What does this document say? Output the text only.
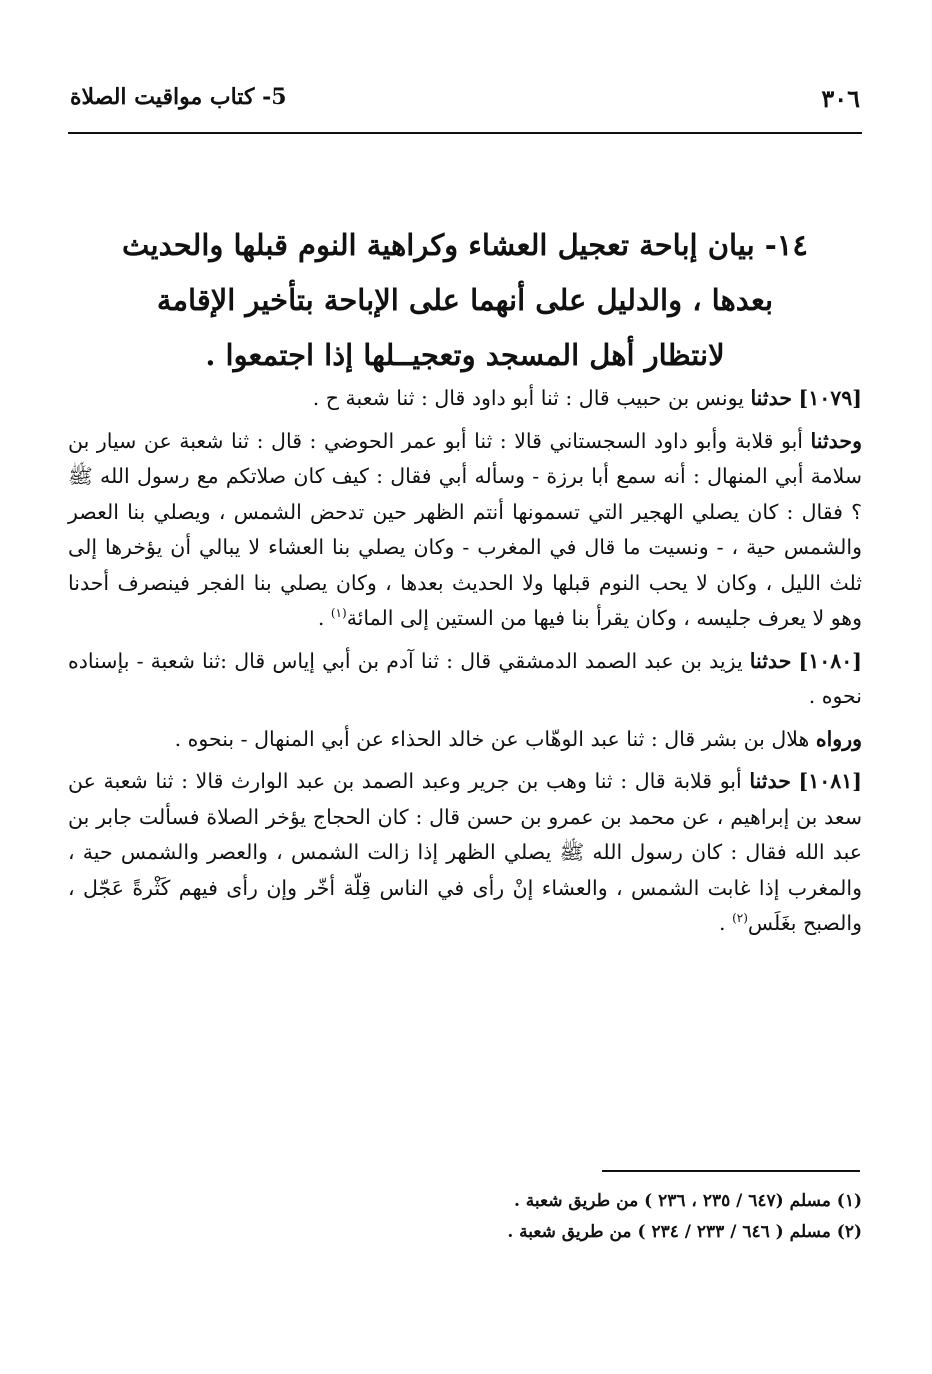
٣٠٦
5- كتاب مواقيت الصلاة
١٤- بيان إباحة تعجيل العشاء وكراهية النوم قبلها والحديث
بعدها ، والدليل على أنهما على الإباحة بتأخير الإقامة
لانتظار أهل المسجد وتعجيــلها إذا اجتمعوا .

[١٠٧٩] حدثنا يونس بن حبيب قال : ثنا أبو داود قال : ثنا شعبة ح .

وحدثنا أبو قلابة وأبو داود السجستاني قالا : ثنا أبو عمر الحوضي : قال : ثنا شعبة عن سيار بن سلامة أبي المنهال : أنه سمع أبا برزة - وسأله أبي فقال : كيف كان صلاتكم مع رسول الله ﷺ ؟ فقال : كان يصلي الهجير التي تسمونها أنتم الظهر حين تدحض الشمس ، ويصلي بنا العصر والشمس حية ، - ونسيت ما قال في المغرب - وكان يصلي بنا العشاء لا يبالي أن يؤخرها إلى ثلث الليل ، وكان لا يحب النوم قبلها ولا الحديث بعدها ، وكان يصلي بنا الفجر فينصرف أحدنا وهو لا يعرف جليسه ، وكان يقرأ بنا فيها من الستين إلى المائة$^{(١)}$ .

[١٠٨٠] حدثنا يزيد بن عبد الصمد الدمشقي قال : ثنا آدم بن أبي إياس قال :ثنا شعبة - بإسناده نحوه .

ورواه هلال بن بشر قال : ثنا عبد الوهّاب عن خالد الحذاء عن أبي المنهال - بنحوه .

[١٠٨١] حدثنا أبو قلابة قال : ثنا وهب بن جرير وعبد الصمد بن عبد الوارث قالا : ثنا شعبة عن سعد بن إبراهيم ، عن محمد بن عمرو بن حسن قال : كان الحجاج يؤخر الصلاة فسألت جابر بن عبد الله فقال : كان رسول الله ﷺ يصلي الظهر إذا زالت الشمس ، والعصر والشمس حية ، والمغرب إذا غابت الشمس ، والعشاء إنْ رأى في الناس قِلّة أخّر وإن رأى فيهم كَثْرةً عَجّل ، والصبح بغَلَس$^{(٢)}$ .

(١) مسلم (٦٤٧ / ٢٣٥ ، ٢٣٦ ) من طريق شعبة .
(٢) مسلم ( ٦٤٦ / ٢٣٣ / ٢٣٤ ) من طريق شعبة .
